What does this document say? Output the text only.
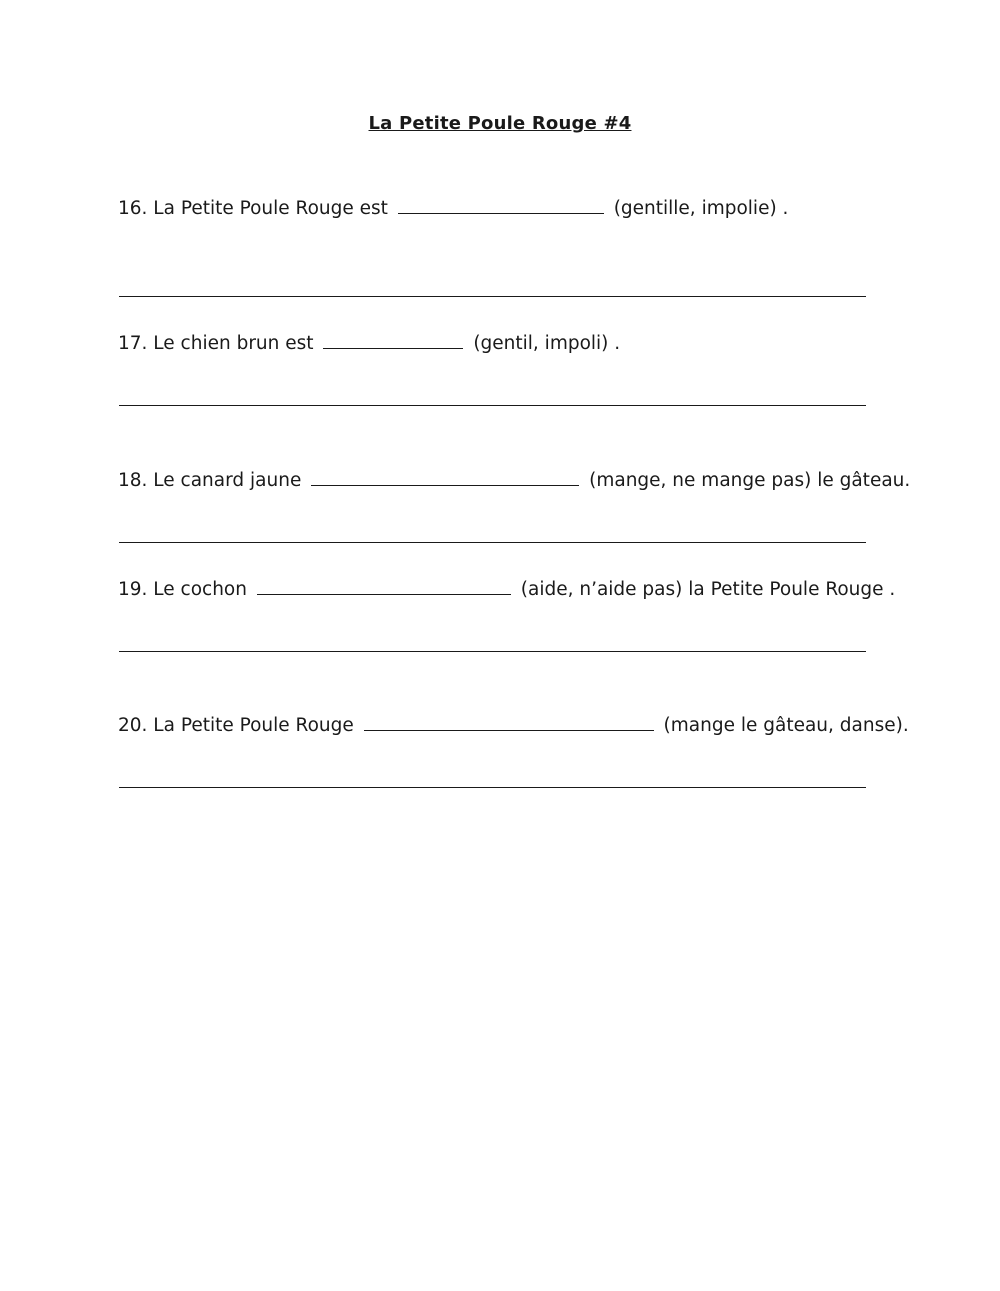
La Petite Poule Rouge #4
16. La Petite Poule Rouge est	(gentille, impolie) .
17. Le chien brun est	(gentil, impoli) .
18. Le canard jaune	(mange, ne mange pas) le gâteau.
19. Le cochon	(aide, n’aide pas) la Petite Poule Rouge .
20. La Petite Poule Rouge	(mange le gâteau, danse).
